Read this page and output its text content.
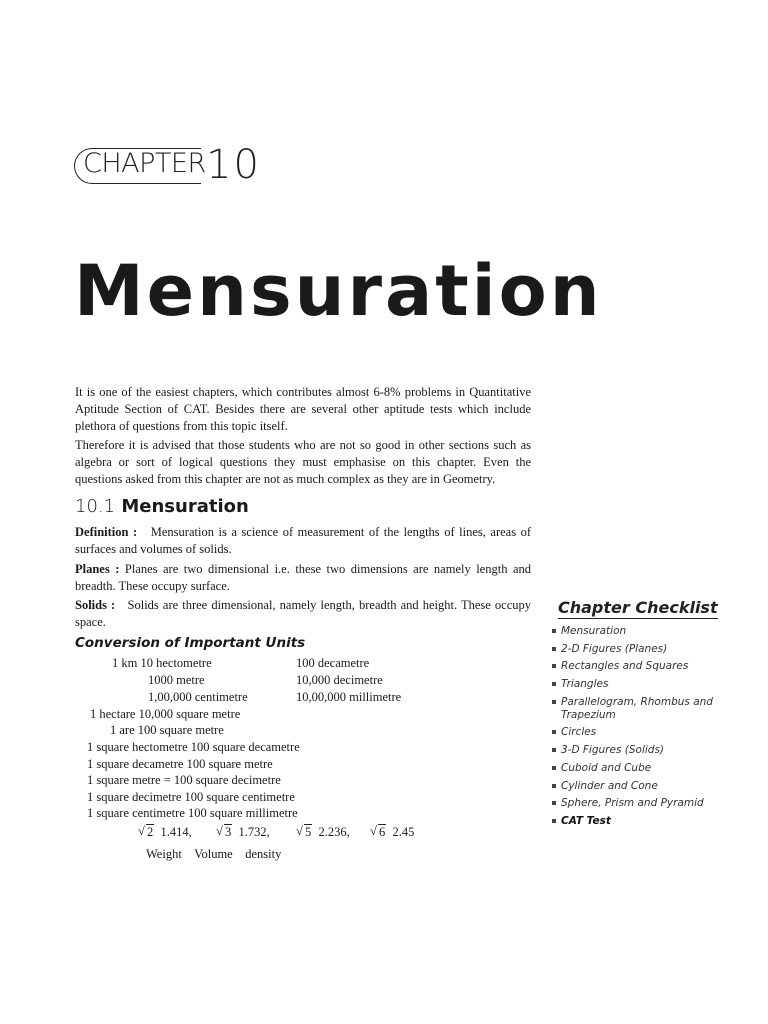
CHAPTER 10
Mensuration

It is one of the easiest chapters, which contributes almost 6-8% problems in Quantitative Aptitude Section of CAT. Besides there are several other aptitude tests which include plethora of questions from this topic itself.

Therefore it is advised that those students who are not so good in other sections such as algebra or sort of logical questions they must emphasise on this chapter. Even the questions asked from this chapter are not as much complex as they are in Geometry.

10.1 Mensuration

Definition : Mensuration is a science of measurement of the lengths of lines, areas of surfaces and volumes of solids.

Planes : Planes are two dimensional i.e. these two dimensions are namely length and breadth. These occupy surface.

Solids : Solids are three dimensional, namely length, breadth and height. These occupy space.

Conversion of Important Units
1 km 10 hectometre	100 decametre
1000 metre	10,000 decimetre
1,00,000 centimetre	10,00,000 millimetre
1 hectare 10,000 square metre
1 are 100 square metre
1 square hectometre 100 square decametre
1 square decametre 100 square metre
1 square metre = 100 square decimetre
1 square decimetre 100 square centimetre
1 square centimetre 100 square millimetre
√ 2 1.414, √ 3 1.732, √ 5 2.236, √ 6 2.45
Weight    Volume    density
Chapter Checklist
Mensuration
2-D Figures (Planes)
Rectangles and Squares
Triangles
Parallelogram, Rhombus and Trapezium
Circles
3-D Figures (Solids)
Cuboid and Cube
Cylinder and Cone
Sphere, Prism and Pyramid
CAT Test
